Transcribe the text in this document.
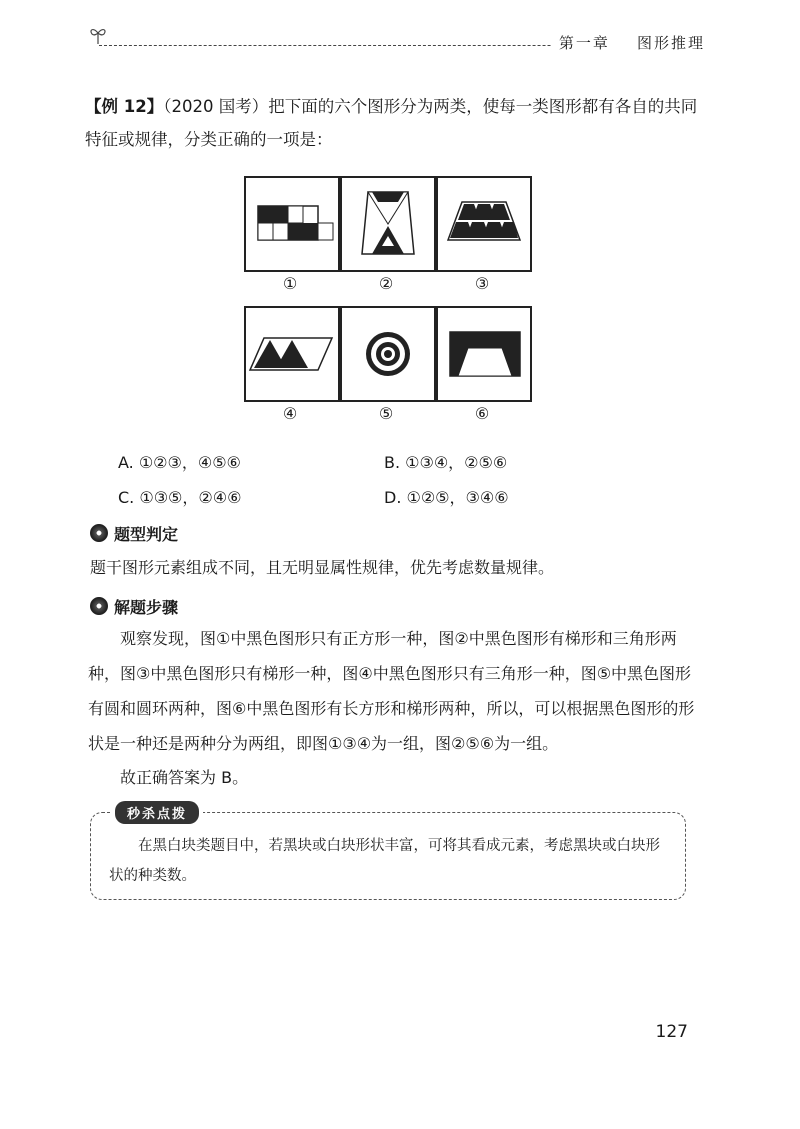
第一章 图形推理
【例 12】（2020 国考）把下面的六个图形分为两类，使每一类图形都有各自的共同特征或规律，分类正确的一项是：
①	②	③
④	⑤	⑥
A. ①②③，④⑤⑥	B. ①③④，②⑤⑥
C. ①③⑤，②④⑥	D. ①②⑤，③④⑥
题型判定
题干图形元素组成不同，且无明显属性规律，优先考虑数量规律。
解题步骤
观察发现，图①中黑色图形只有正方形一种，图②中黑色图形有梯形和三角形两种，图③中黑色图形只有梯形一种，图④中黑色图形只有三角形一种，图⑤中黑色图形有圆和圆环两种，图⑥中黑色图形有长方形和梯形两种，所以，可以根据黑色图形的形状是一种还是两种分为两组，即图①③④为一组，图②⑤⑥为一组。
故正确答案为 B。
秒杀点拨
在黑白块类题目中，若黑块或白块形状丰富，可将其看成元素，考虑黑块或白块形状的种类数。
127
